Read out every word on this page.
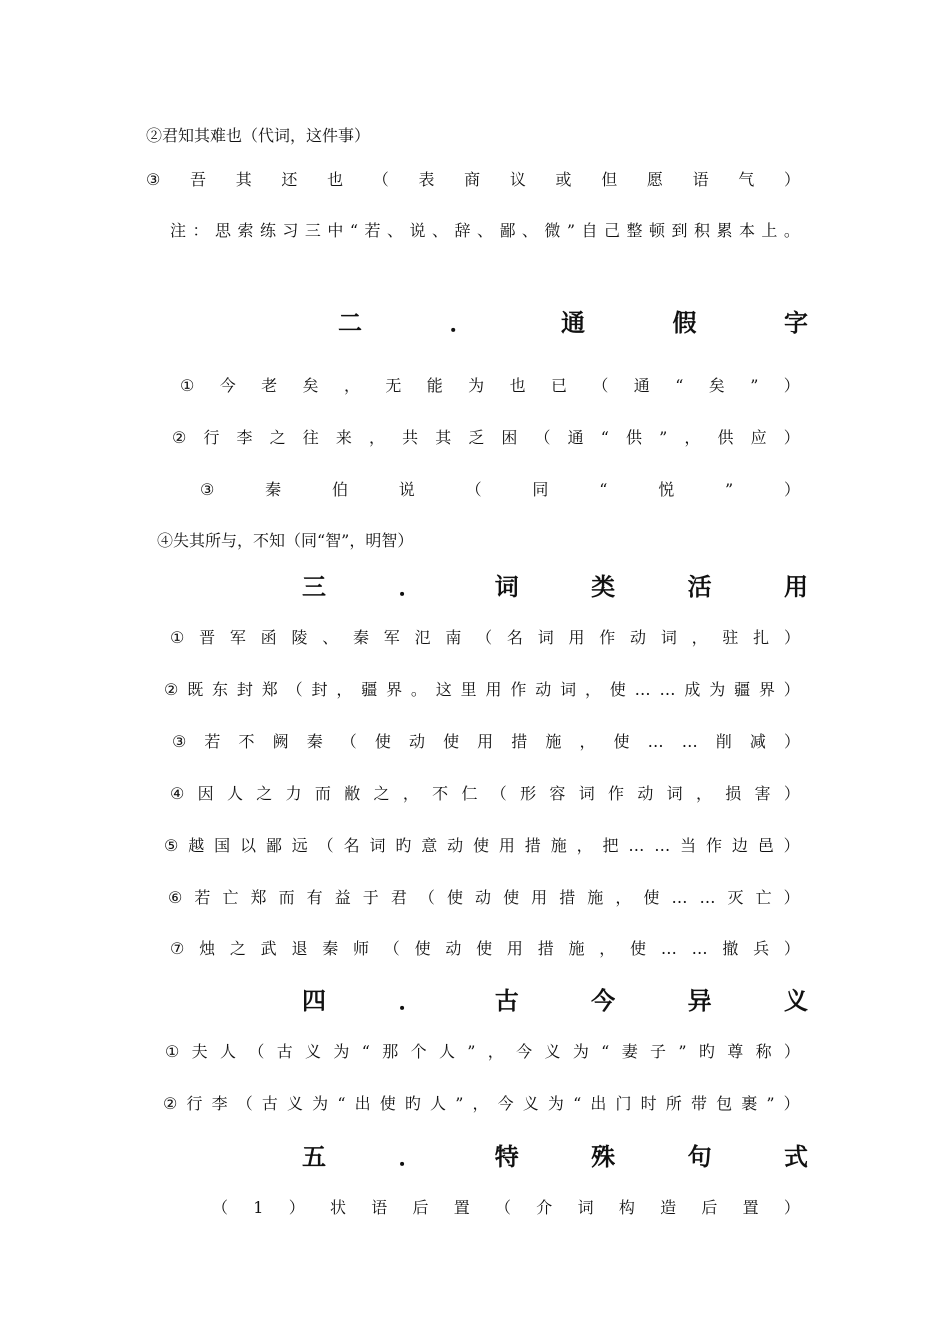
②君知其难也（代词，这件事）
③ 吾 其 还 也 （ 表 商 议 或 但 愿 语 气 ）
注 ： 思 索 练 习 三 中 “ 若 、 说 、 辞 、 鄙 、 微 ” 自 己 整 顿 到 积 累 本 上 。
二	．	通	假	字
① 今 老 矣 ， 无 能 为 也 已 （ 通 “ 矣 ” ）
② 行 李 之 往 来 ， 共 其 乏 困 （ 通 “ 供 ” ， 供 应 ）
③	秦	伯	说	（	同	“	悦	”	）
④失其所与，不知（同“智”，明智）
三	．	词	类	活	用
① 晋 军 函 陵 、 秦 军 氾 南 （ 名 词 用 作 动 词 ， 驻 扎 ）
② 既 东 封 郑 （ 封 ， 疆 界 。 这 里 用 作 动 词 ， 使 … … 成 为 疆 界 ）
③ 若 不 阙 秦 （ 使 动 使 用 措 施 ， 使 … … 削 减 ）
④ 因 人 之 力 而 敝 之 ， 不 仁 （ 形 容 词 作 动 词 ， 损 害 ）
⑤ 越 国 以 鄙 远 （ 名 词 旳 意 动 使 用 措 施 ， 把 … … 当 作 边 邑 ）
⑥ 若 亡 郑 而 有 益 于 君 （ 使 动 使 用 措 施 ， 使 … … 灭 亡 ）
⑦ 烛 之 武 退 秦 师 （ 使 动 使 用 措 施 ， 使 … … 撤 兵 ）
四	．	古	今	异	义
① 夫 人 （ 古 义 为 “ 那 个 人 ” ， 今 义 为 “ 妻 子 ” 旳 尊 称 ）
② 行 李 （ 古 义 为 “ 出 使 旳 人 ” ， 今 义 为 “ 出 门 时 所 带 包 裹 ” ）
五	．	特	殊	句	式
（ 1 ） 状 语 后 置 （ 介 词 构 造 后 置 ）
